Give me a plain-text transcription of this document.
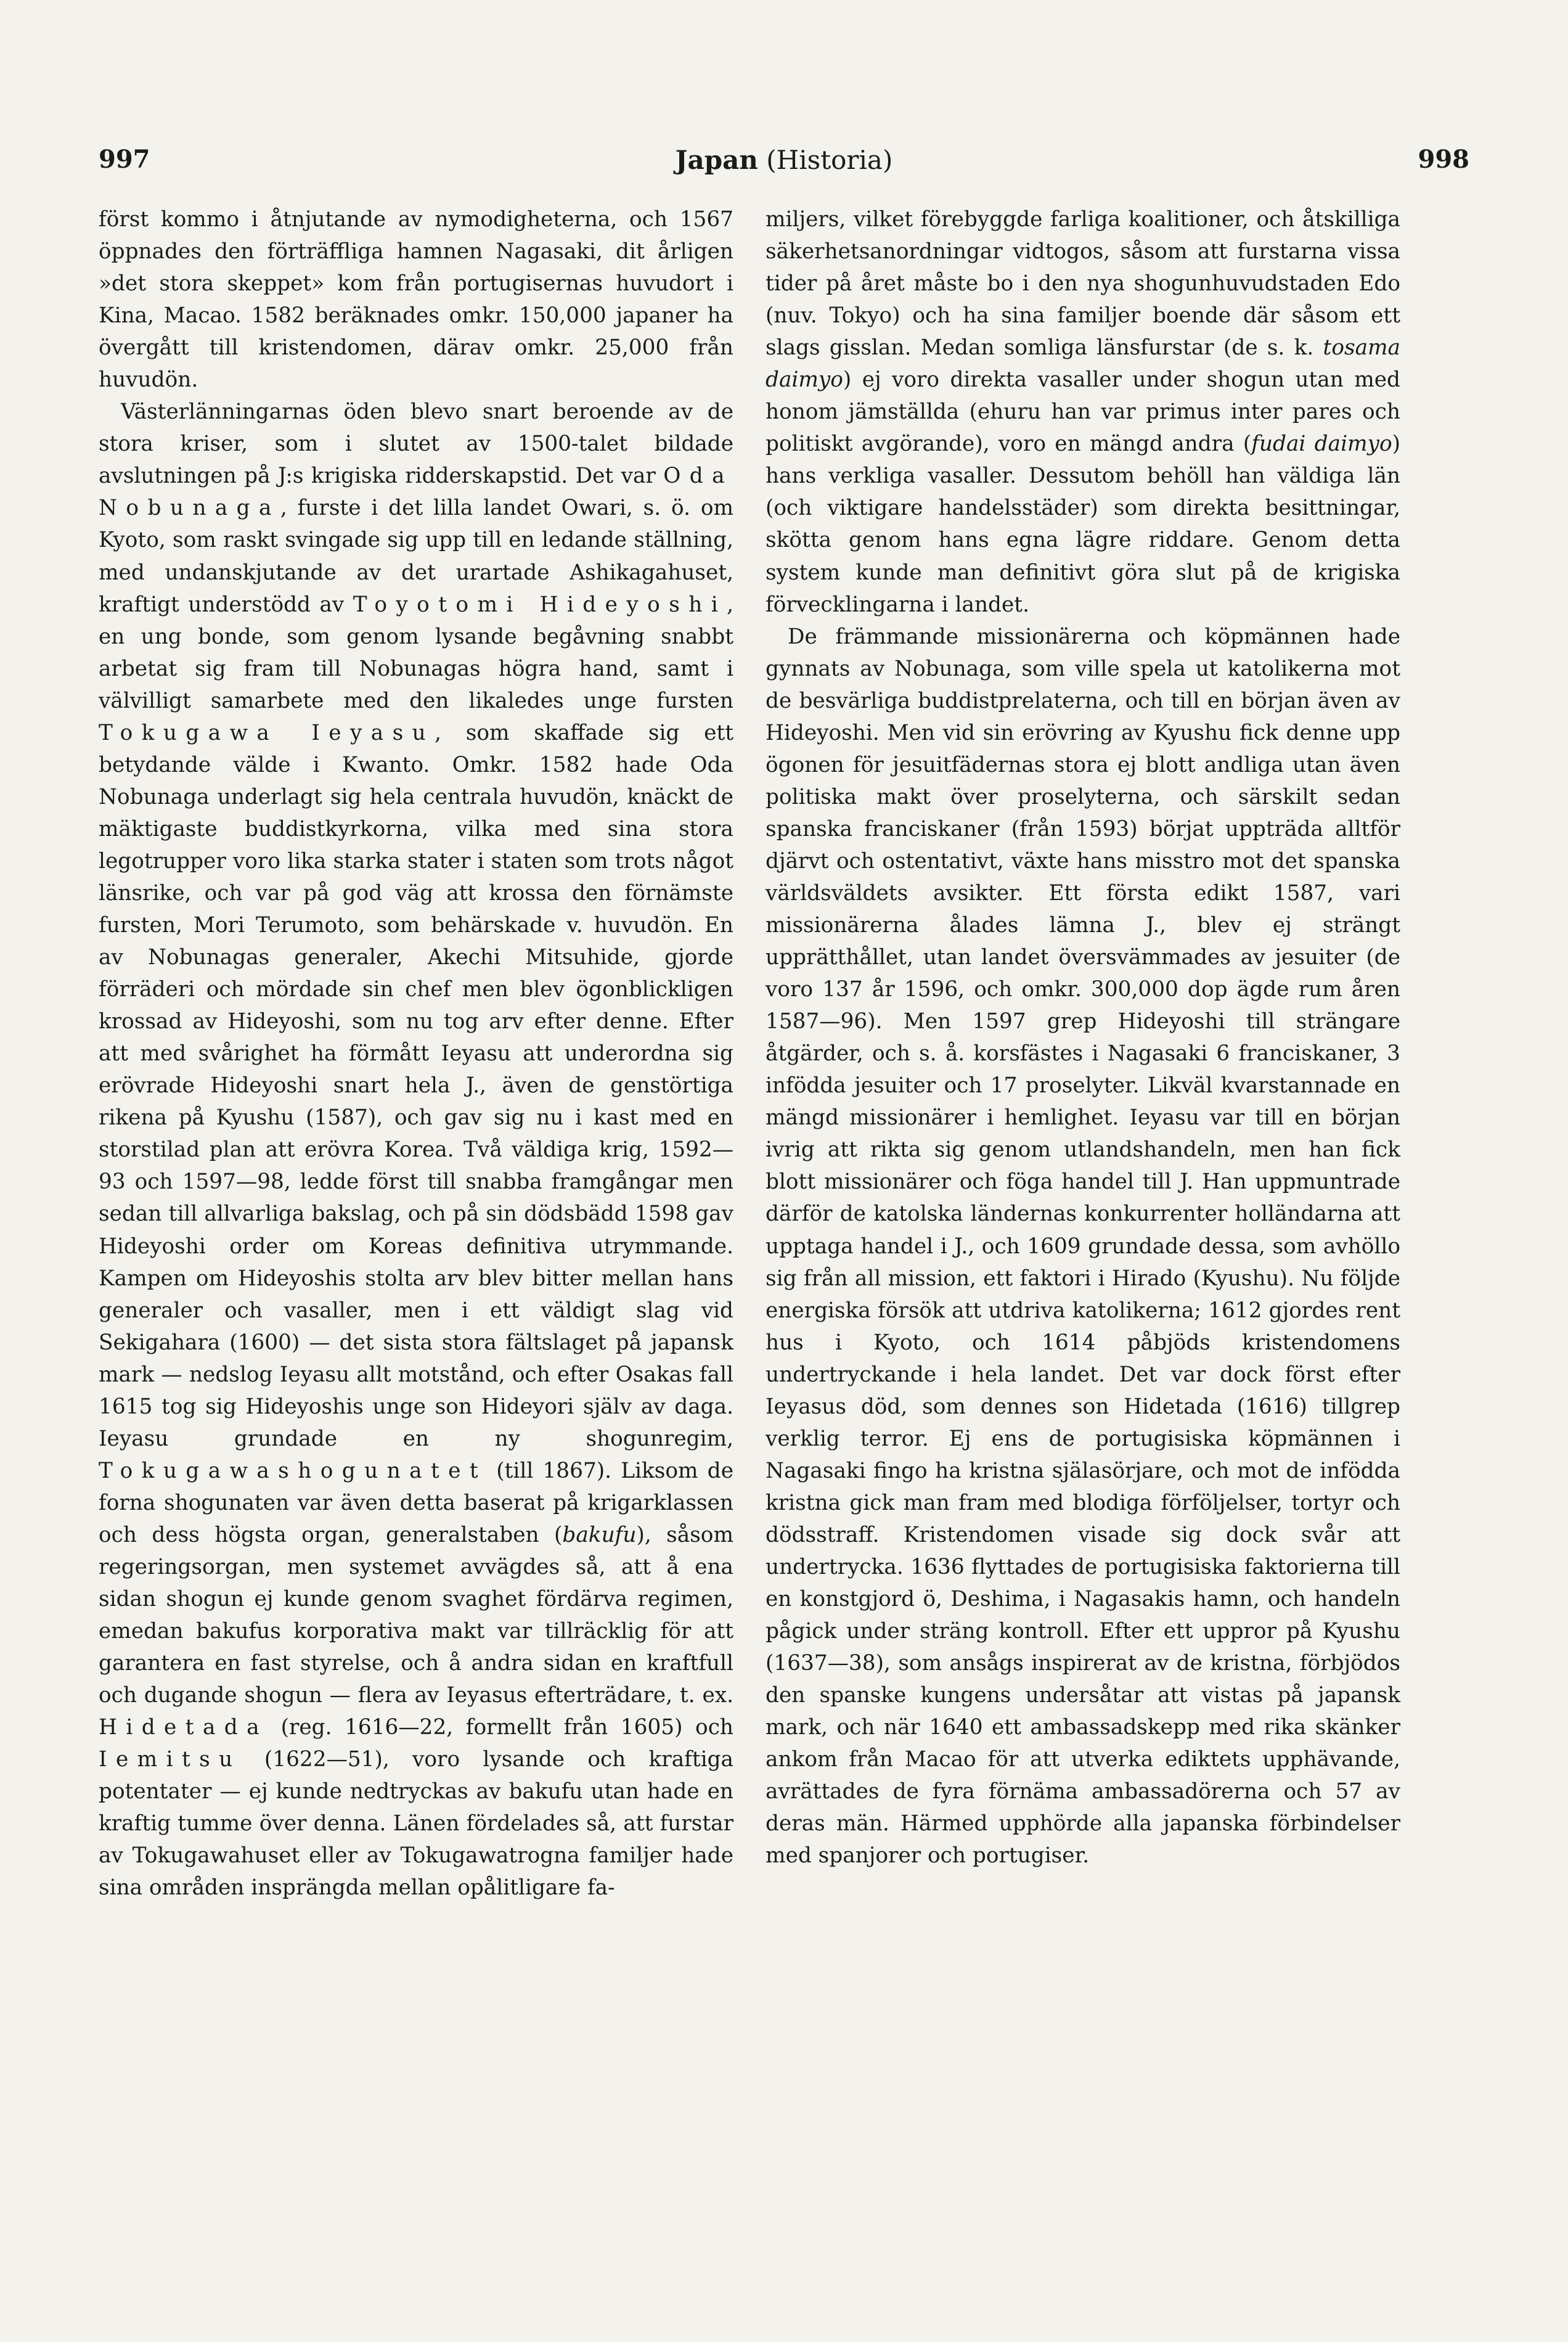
997	Japan (Historia)	998

först kommo i åtnjutande av nymodigheterna, och 1567 öppnades den förträffliga hamnen Nagasaki, dit årligen »det stora skeppet» kom från portugisernas huvudort i Kina, Macao. 1582 beräknades omkr. 150,000 japaner ha övergått till kristendomen, därav omkr. 25,000 från huvudön.

Västerlänningarnas öden blevo snart beroende av de stora kriser, som i slutet av 1500-talet bildade avslutningen på J:s krigiska ridderskapstid. Det var Oda Nobunaga, furste i det lilla landet Owari, s. ö. om Kyoto, som raskt svingade sig upp till en ledande ställning, med undanskjutande av det urartade Ashikagahuset, kraftigt understödd av Toyotomi Hideyoshi, en ung bonde, som genom lysande begåvning snabbt arbetat sig fram till Nobunagas högra hand, samt i välvilligt samarbete med den likaledes unge fursten Tokugawa Ieyasu, som skaffade sig ett betydande välde i Kwanto. Omkr. 1582 hade Oda Nobunaga underlagt sig hela centrala huvudön, knäckt de mäktigaste buddistkyrkorna, vilka med sina stora legotrupper voro lika starka stater i staten som trots något länsrike, och var på god väg att krossa den förnämste fursten, Mori Terumoto, som behärskade v. huvudön. En av Nobunagas generaler, Akechi Mitsuhide, gjorde förräderi och mördade sin chef men blev ögonblickligen krossad av Hideyoshi, som nu tog arv efter denne. Efter att med svårighet ha förmått Ieyasu att underordna sig erövrade Hideyoshi snart hela J., även de genstörtiga rikena på Kyushu (1587), och gav sig nu i kast med en storstilad plan att erövra Korea. Två väldiga krig, 1592—93 och 1597—98, ledde först till snabba framgångar men sedan till allvarliga bakslag, och på sin dödsbädd 1598 gav Hideyoshi order om Koreas definitiva utrymmande. Kampen om Hideyoshis stolta arv blev bitter mellan hans generaler och vasaller, men i ett väldigt slag vid Sekigahara (1600) — det sista stora fältslaget på japansk mark — nedslog Ieyasu allt motstånd, och efter Osakas fall 1615 tog sig Hideyoshis unge son Hideyori själv av daga. Ieyasu grundade en ny shogunregim, Tokugawashogunatet (till 1867). Liksom de forna shogunaten var även detta baserat på krigarklassen och dess högsta organ, generalstaben (bakufu), såsom regeringsorgan, men systemet avvägdes så, att å ena sidan shogun ej kunde genom svaghet fördärva regimen, emedan bakufus korporativa makt var tillräcklig för att garantera en fast styrelse, och å andra sidan en kraftfull och dugande shogun — flera av Ieyasus efterträdare, t. ex. Hidetada (reg. 1616—22, formellt från 1605) och Iemitsu (1622—51), voro lysande och kraftiga potentater — ej kunde nedtryckas av bakufu utan hade en kraftig tumme över denna. Länen fördelades så, att furstar av Tokugawahuset eller av Tokugawatrogna familjer hade sina områden insprängda mellan opålitligare fa-

miljers, vilket förebyggde farliga koalitioner, och åtskilliga säkerhetsanordningar vidtogos, såsom att furstarna vissa tider på året måste bo i den nya shogunhuvudstaden Edo (nuv. Tokyo) och ha sina familjer boende där såsom ett slags gisslan. Medan somliga länsfurstar (de s. k. tosama daimyo) ej voro direkta vasaller under shogun utan med honom jämställda (ehuru han var primus inter pares och politiskt avgörande), voro en mängd andra (fudai daimyo) hans verkliga vasaller. Dessutom behöll han väldiga län (och viktigare handelsstäder) som direkta besittningar, skötta genom hans egna lägre riddare. Genom detta system kunde man definitivt göra slut på de krigiska förvecklingarna i landet.

De främmande missionärerna och köpmännen hade gynnats av Nobunaga, som ville spela ut katolikerna mot de besvärliga buddistprelaterna, och till en början även av Hideyoshi. Men vid sin erövring av Kyushu fick denne upp ögonen för jesuitfädernas stora ej blott andliga utan även politiska makt över proselyterna, och särskilt sedan spanska franciskaner (från 1593) börjat uppträda alltför djärvt och ostentativt, växte hans misstro mot det spanska världsväldets avsikter. Ett första edikt 1587, vari missionärerna ålades lämna J., blev ej strängt upprätthållet, utan landet översvämmades av jesuiter (de voro 137 år 1596, och omkr. 300,000 dop ägde rum åren 1587—96). Men 1597 grep Hideyoshi till strängare åtgärder, och s. å. korsfästes i Nagasaki 6 franciskaner, 3 infödda jesuiter och 17 proselyter. Likväl kvarstannade en mängd missionärer i hemlighet. Ieyasu var till en början ivrig att rikta sig genom utlandshandeln, men han fick blott missionärer och föga handel till J. Han uppmuntrade därför de katolska ländernas konkurrenter holländarna att upptaga handel i J., och 1609 grundade dessa, som avhöllo sig från all mission, ett faktori i Hirado (Kyushu). Nu följde energiska försök att utdriva katolikerna; 1612 gjordes rent hus i Kyoto, och 1614 påbjöds kristendomens undertryckande i hela landet. Det var dock först efter Ieyasus död, som dennes son Hidetada (1616) tillgrep verklig terror. Ej ens de portugisiska köpmännen i Nagasaki fingo ha kristna själasörjare, och mot de infödda kristna gick man fram med blodiga förföljelser, tortyr och dödsstraff. Kristendomen visade sig dock svår att undertrycka. 1636 flyttades de portugisiska faktorierna till en konstgjord ö, Deshima, i Nagasakis hamn, och handeln pågick under sträng kontroll. Efter ett uppror på Kyushu (1637—38), som ansågs inspirerat av de kristna, förbjödos den spanske kungens undersåtar att vistas på japansk mark, och när 1640 ett ambassadskepp med rika skänker ankom från Macao för att utverka ediktets upphävande, avrättades de fyra förnäma ambassadörerna och 57 av deras män. Härmed upphörde alla japanska förbindelser med spanjorer och portugiser.
